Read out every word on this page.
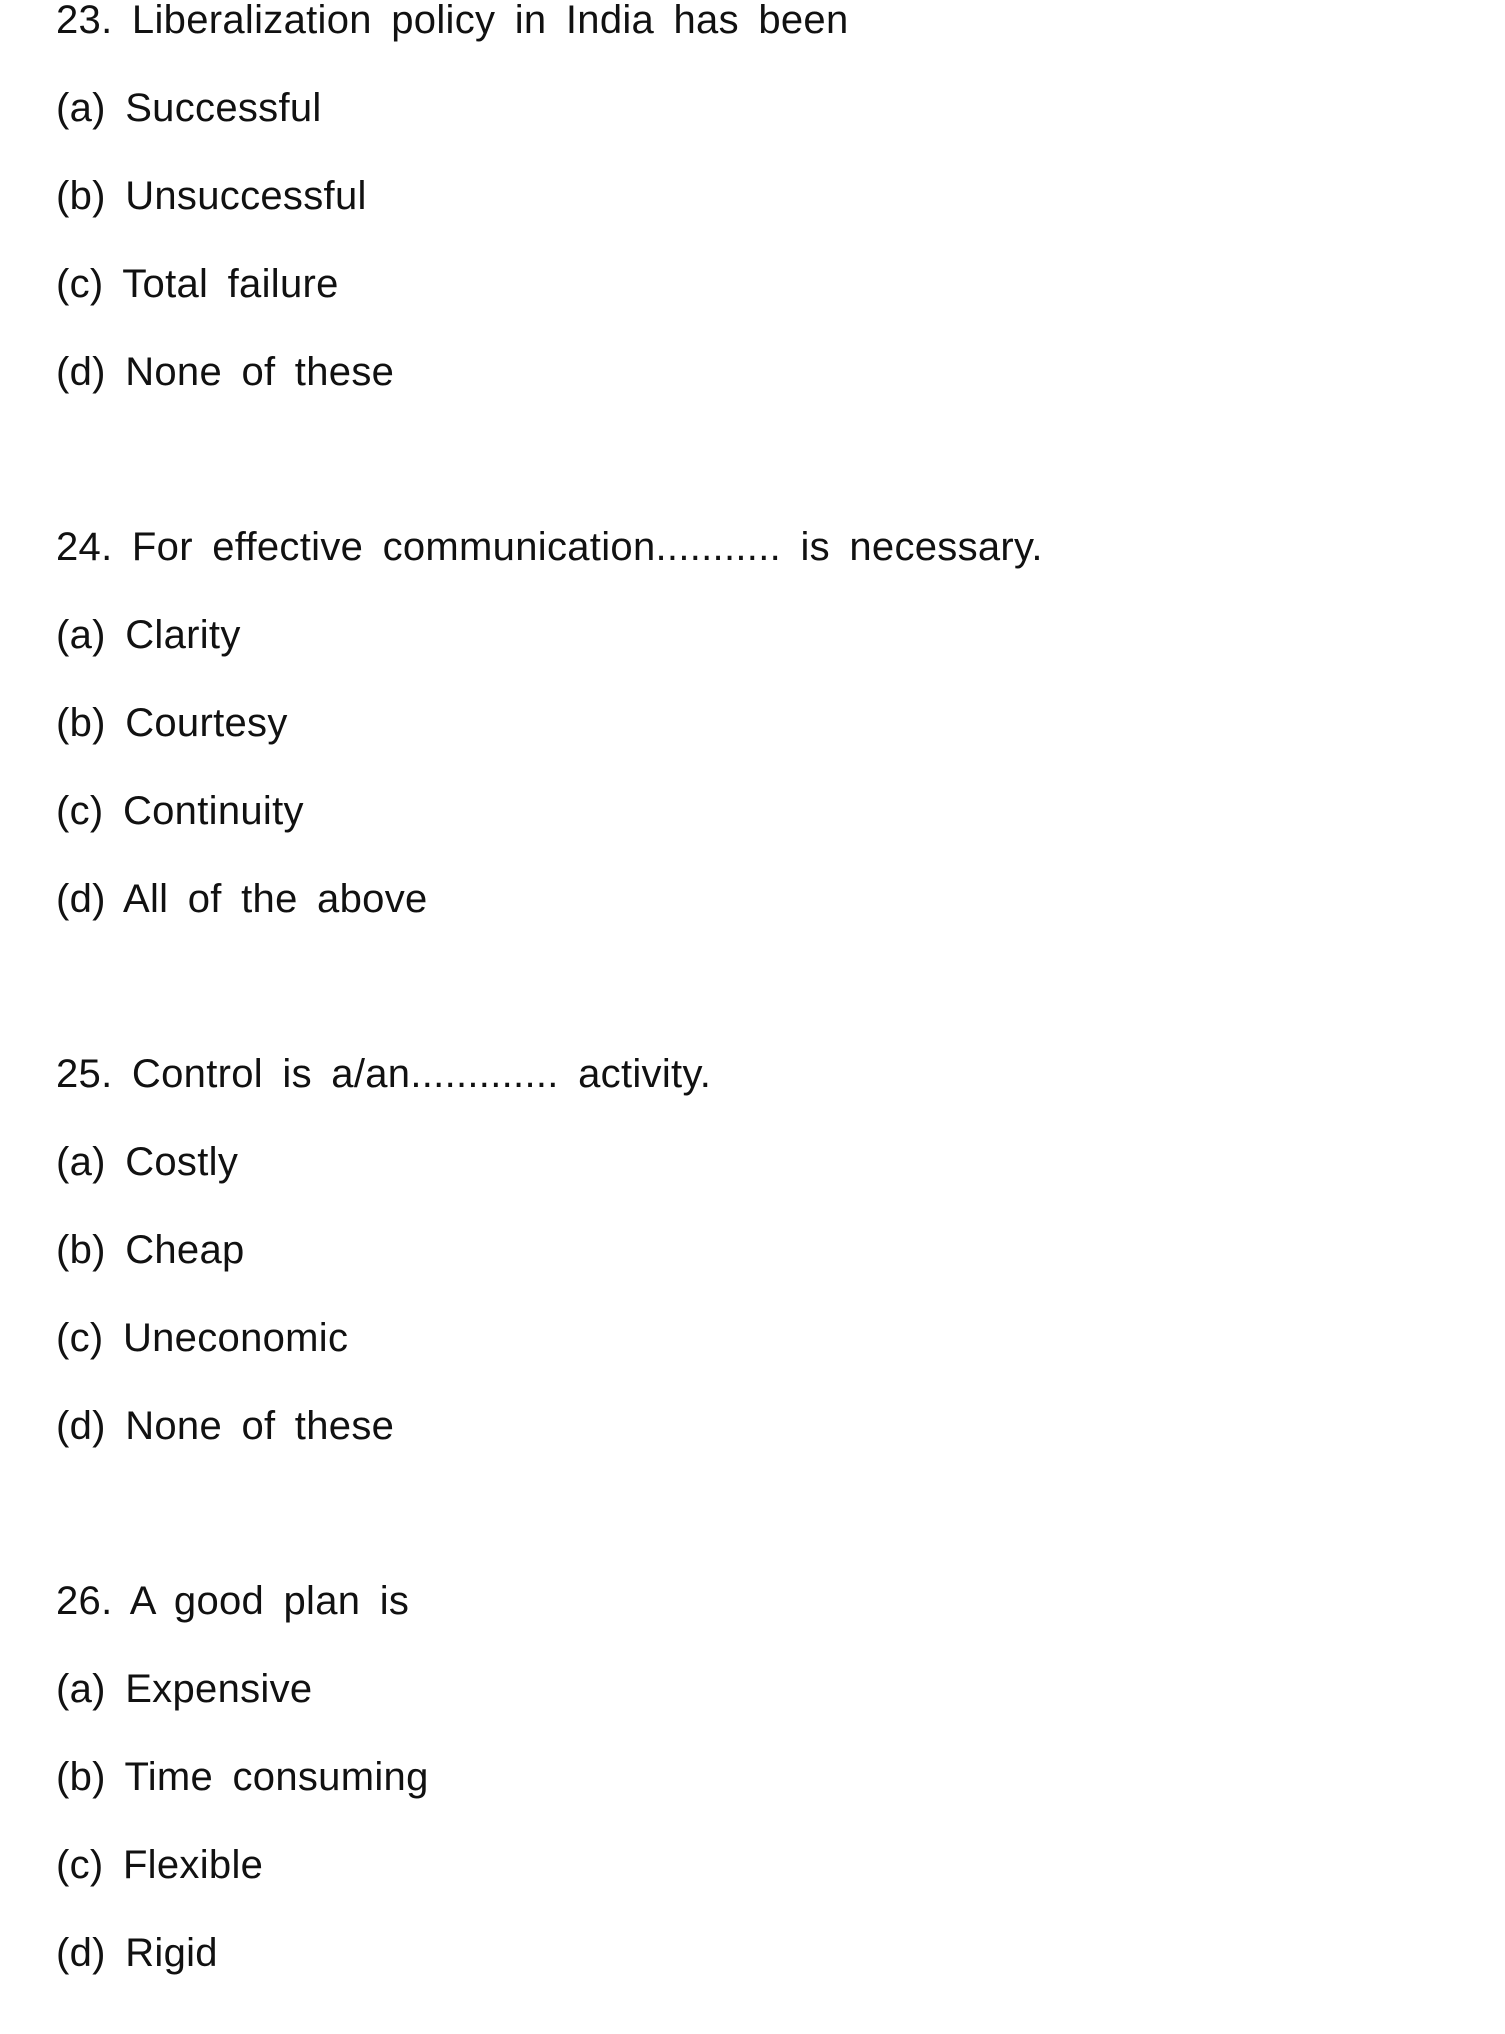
23. Liberalization policy in India has been
(a) Successful
(b) Unsuccessful
(c) Total failure
(d) None of these
24. For effective communication........... is necessary.
(a) Clarity
(b) Courtesy
(c) Continuity
(d) All of the above
25. Control is a/an............. activity.
(a) Costly
(b) Cheap
(c) Uneconomic
(d) None of these
26. A good plan is
(a) Expensive
(b) Time consuming
(c) Flexible
(d) Rigid
